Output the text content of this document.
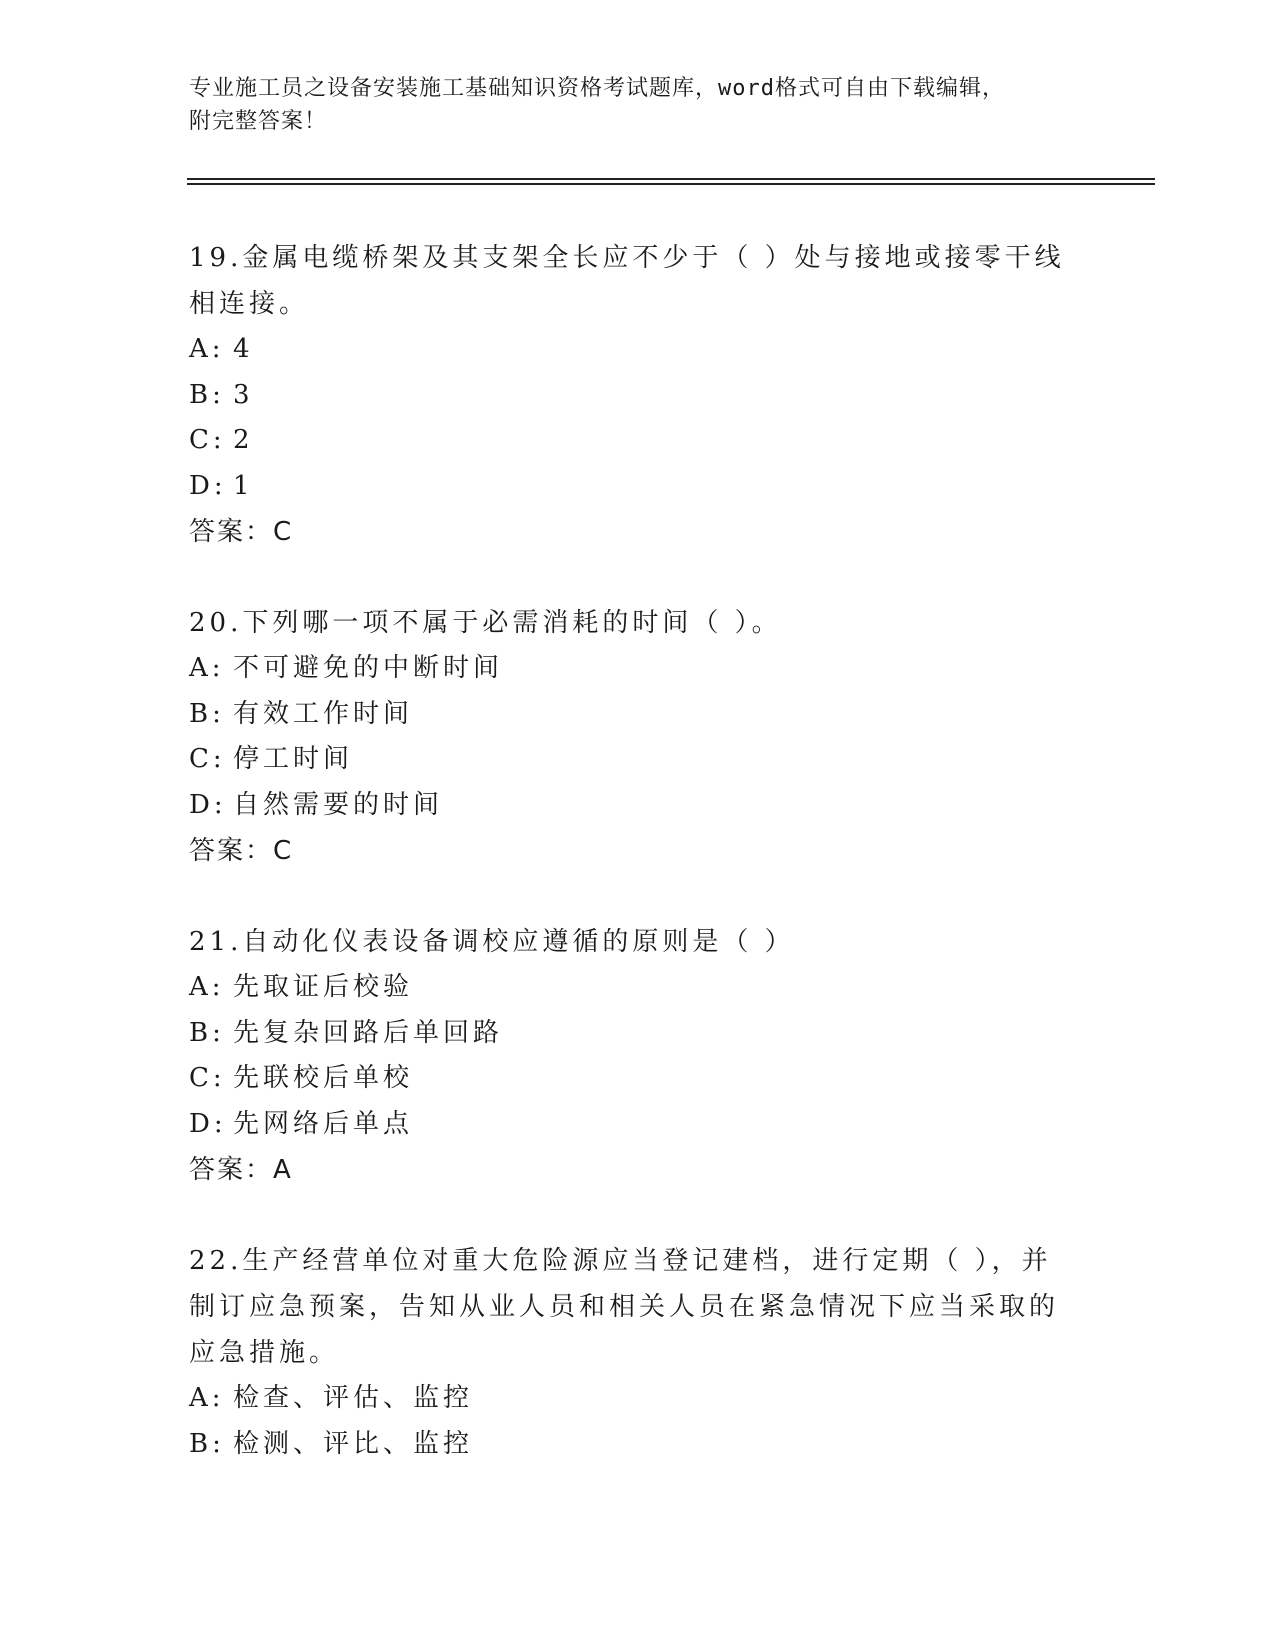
专业施工员之设备安装施工基础知识资格考试题库，word格式可自由下载编辑，
附完整答案！
19.金属电缆桥架及其支架全长应不少于（ ）处与接地或接零干线相连接。
A: 4
B: 3
C: 2
D: 1
答案：C
20.下列哪一项不属于必需消耗的时间（ ）。
A: 不可避免的中断时间
B: 有效工作时间
C: 停工时间
D: 自然需要的时间
答案：C
21.自动化仪表设备调校应遵循的原则是（ ）
A: 先取证后校验
B: 先复杂回路后单回路
C: 先联校后单校
D: 先网络后单点
答案：A
22.生产经营单位对重大危险源应当登记建档，进行定期（ ），并制订应急预案，告知从业人员和相关人员在紧急情况下应当采取的应急措施。
A: 检查、评估、监控
B: 检测、评比、监控
